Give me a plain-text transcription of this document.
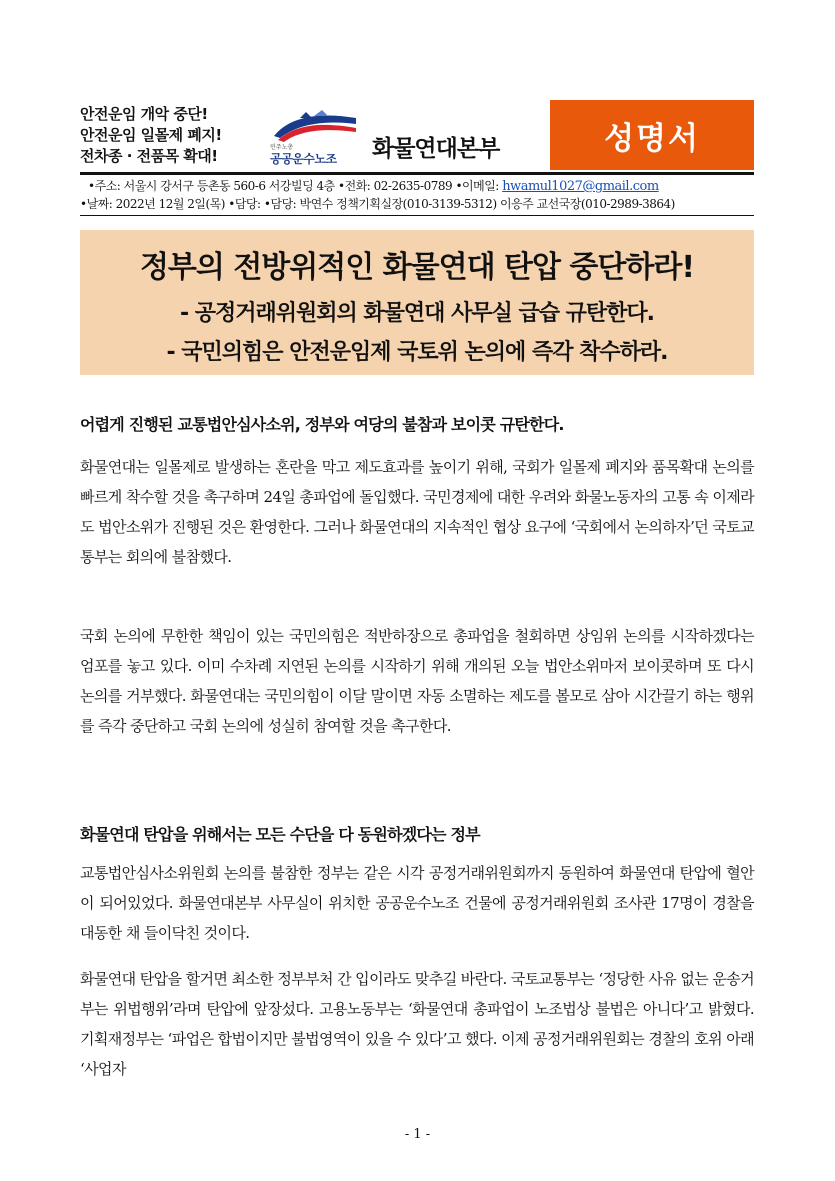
안전운임 개악 중단!
안전운임 일몰제 폐지!
전차종 · 전품목 확대!	민주노총
공공운수노조 화물연대본부	성명서
•주소: 서울시 강서구 등촌동 560-6 서강빌딩 4층 •전화: 02-2635-0789 •이메일: hwamul1027@gmail.com
•날짜: 2022년 12월 2일(목) •담당: •담당: 박연수 정책기획실장(010-3139-5312) 이응주 교선국장(010-2989-3864)
정부의 전방위적인 화물연대 탄압 중단하라!
- 공정거래위원회의 화물연대 사무실 급습 규탄한다.
- 국민의힘은 안전운임제 국토위 논의에 즉각 착수하라.
어렵게 진행된 교통법안심사소위, 정부와 여당의 불참과 보이콧 규탄한다.
화물연대는 일몰제로 발생하는 혼란을 막고 제도효과를 높이기 위해, 국회가 일몰제 폐지와 품목확대 논의를 빠르게 착수할 것을 촉구하며 24일 총파업에 돌입했다. 국민경제에 대한 우려와 화물노동자의 고통 속 이제라도 법안소위가 진행된 것은 환영한다. 그러나 화물연대의 지속적인 협상 요구에 ‘국회에서 논의하자’던 국토교통부는 회의에 불참했다.
국회 논의에 무한한 책임이 있는 국민의힘은 적반하장으로 총파업을 철회하면 상임위 논의를 시작하겠다는 엄포를 놓고 있다. 이미 수차례 지연된 논의를 시작하기 위해 개의된 오늘 법안소위마저 보이콧하며 또 다시 논의를 거부했다. 화물연대는 국민의힘이 이달 말이면 자동 소멸하는 제도를 볼모로 삼아 시간끌기 하는 행위를 즉각 중단하고 국회 논의에 성실히 참여할 것을 촉구한다.
화물연대 탄압을 위해서는 모든 수단을 다 동원하겠다는 정부
교통법안심사소위원회 논의를 불참한 정부는 같은 시각 공정거래위원회까지 동원하여 화물연대 탄압에 혈안이 되어있었다. 화물연대본부 사무실이 위치한 공공운수노조 건물에 공정거래위원회 조사관 17명이 경찰을 대동한 채 들이닥친 것이다.
화물연대 탄압을 할거면 최소한 정부부처 간 입이라도 맞추길 바란다. 국토교통부는 ‘정당한 사유 없는 운송거부는 위법행위’라며 탄압에 앞장섰다. 고용노동부는 ‘화물연대 총파업이 노조법상 불법은 아니다’고 밝혔다. 기획재정부는 ‘파업은 합법이지만 불법영역이 있을 수 있다’고 했다. 이제 공정거래위원회는 경찰의 호위 아래 ‘사업자
- 1 -
